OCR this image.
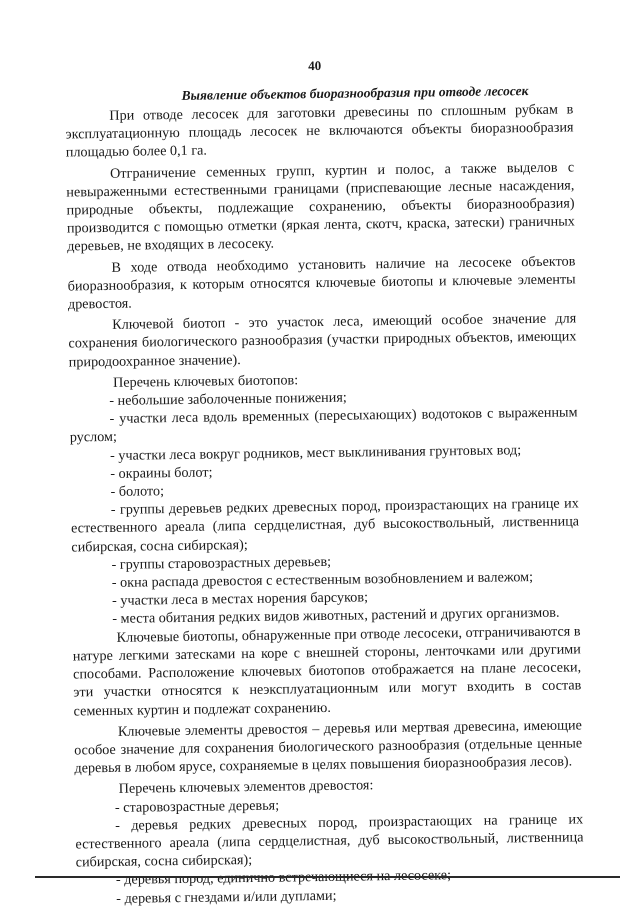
40
Выявление объектов биоразнообразия при отводе лесосек

При отводе лесосек для заготовки древесины по сплошным рубкам в эксплуатационную площадь лесосек не включаются объекты биоразнообразия площадью более 0,1 га.

Отграничение семенных групп, куртин и полос, а также выделов с невыраженными естественными границами (приспевающие лесные насаждения, природные объекты, подлежащие сохранению, объекты биоразнообразия) производится с помощью отметки (яркая лента, скотч, краска, затески) граничных деревьев, не входящих в лесосеку.

В ходе отвода необходимо установить наличие на лесосеке объектов биоразнообразия, к которым относятся ключевые биотопы и ключевые элементы древостоя.

Ключевой биотоп - это участок леса, имеющий особое значение для сохранения биологического разнообразия (участки природных объектов, имеющих природоохранное значение).

Перечень ключевых биотопов:

- небольшие заболоченные понижения;

- участки леса вдоль временных (пересыхающих) водотоков с выраженным руслом;

- участки леса вокруг родников, мест выклинивания грунтовых вод;

- окраины болот;

- болото;

- группы деревьев редких древесных пород, произрастающих на границе их естественного ареала (липа сердцелистная, дуб высокоствольный, лиственница сибирская, сосна сибирская);

- группы старовозрастных деревьев;

- окна распада древостоя с естественным возобновлением и валежом;

- участки леса в местах норения барсуков;

- места обитания редких видов животных, растений и других организмов.

Ключевые биотопы, обнаруженные при отводе лесосеки, отграничиваются в натуре легкими затесками на коре с внешней стороны, ленточками или другими способами. Расположение ключевых биотопов отображается на плане лесосеки, эти участки относятся к неэксплуатационным или могут входить в состав семенных куртин и подлежат сохранению.

Ключевые элементы древостоя – деревья или мертвая древесина, имеющие особое значение для сохранения биологического разнообразия (отдельные ценные деревья в любом ярусе, сохраняемые в целях повышения биоразнообразия лесов).

Перечень ключевых элементов древостоя:

- старовозрастные деревья;

- деревья редких древесных пород, произрастающих на границе их естественного ареала (липа сердцелистная, дуб высокоствольный, лиственница сибирская, сосна сибирская);

- деревья пород, единично встречающиеся на лесосеке;

- деревья с гнездами и/или дуплами;
